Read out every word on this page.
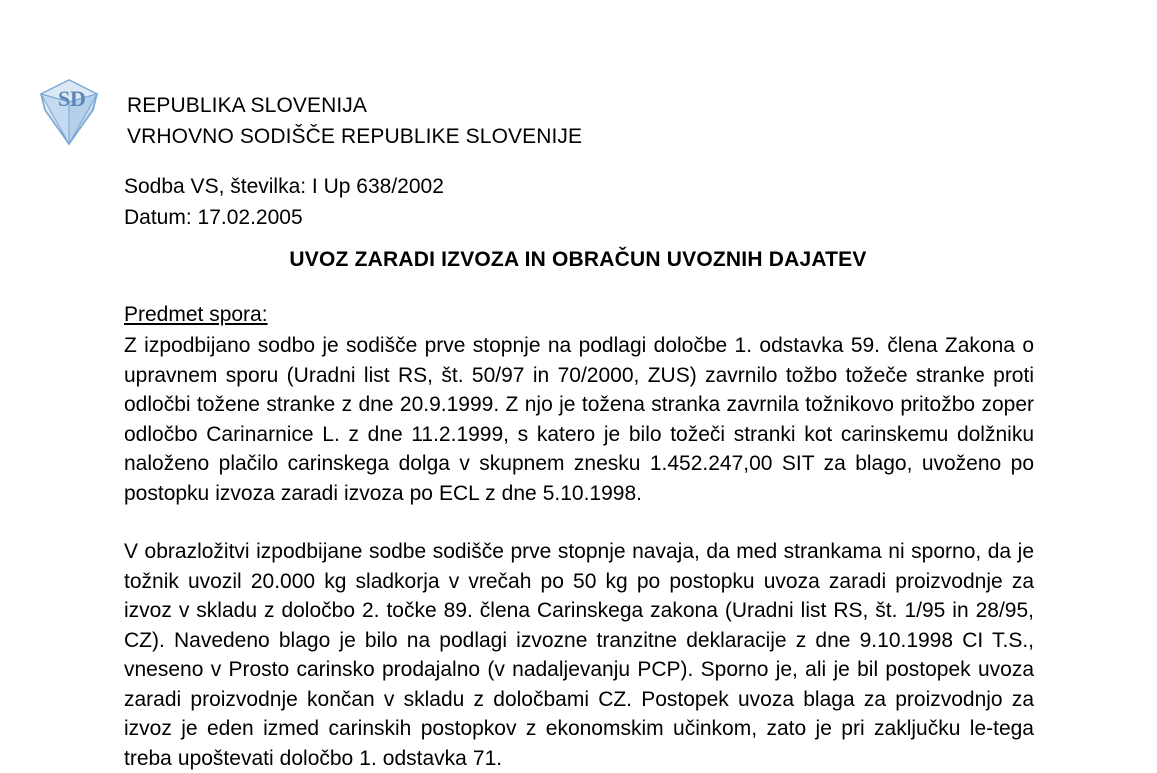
S D REPUBLIKA SLOVENIJA
VRHOVNO SODIŠČE REPUBLIKE SLOVENIJE
Sodba VS, številka: I Up 638/2002
Datum: 17.02.2005
UVOZ ZARADI IZVOZA IN OBRAČUN UVOZNIH DAJATEV
Predmet spora:

Z izpodbijano sodbo je sodišče prve stopnje na podlagi določbe 1. odstavka 59. člena Zakona o upravnem sporu (Uradni list RS, št. 50/97 in 70/2000, ZUS) zavrnilo tožbo tožeče stranke proti odločbi tožene stranke z dne 20.9.1999. Z njo je tožena stranka zavrnila tožnikovo pritožbo zoper odločbo Carinarnice L. z dne 11.2.1999, s katero je bilo tožeči stranki kot carinskemu dolžniku naloženo plačilo carinskega dolga v skupnem znesku 1.452.247,00 SIT za blago, uvoženo po postopku izvoza zaradi izvoza po ECL z dne 5.10.1998.

V obrazložitvi izpodbijane sodbe sodišče prve stopnje navaja, da med strankama ni sporno, da je tožnik uvozil 20.000 kg sladkorja v vrečah po 50 kg po postopku uvoza zaradi proizvodnje za izvoz v skladu z določbo 2. točke 89. člena Carinskega zakona (Uradni list RS, št. 1/95 in 28/95, CZ). Navedeno blago je bilo na podlagi izvozne tranzitne deklaracije z dne 9.10.1998 CI T.S., vneseno v Prosto carinsko prodajalno (v nadaljevanju PCP). Sporno je, ali je bil postopek uvoza zaradi proizvodnje končan v skladu z določbami CZ. Postopek uvoza blaga za proizvodnjo za izvoz je eden izmed carinskih postopkov z ekonomskim učinkom, zato je pri zaključku le-tega treba upoštevati določbo 1. odstavka 71.
